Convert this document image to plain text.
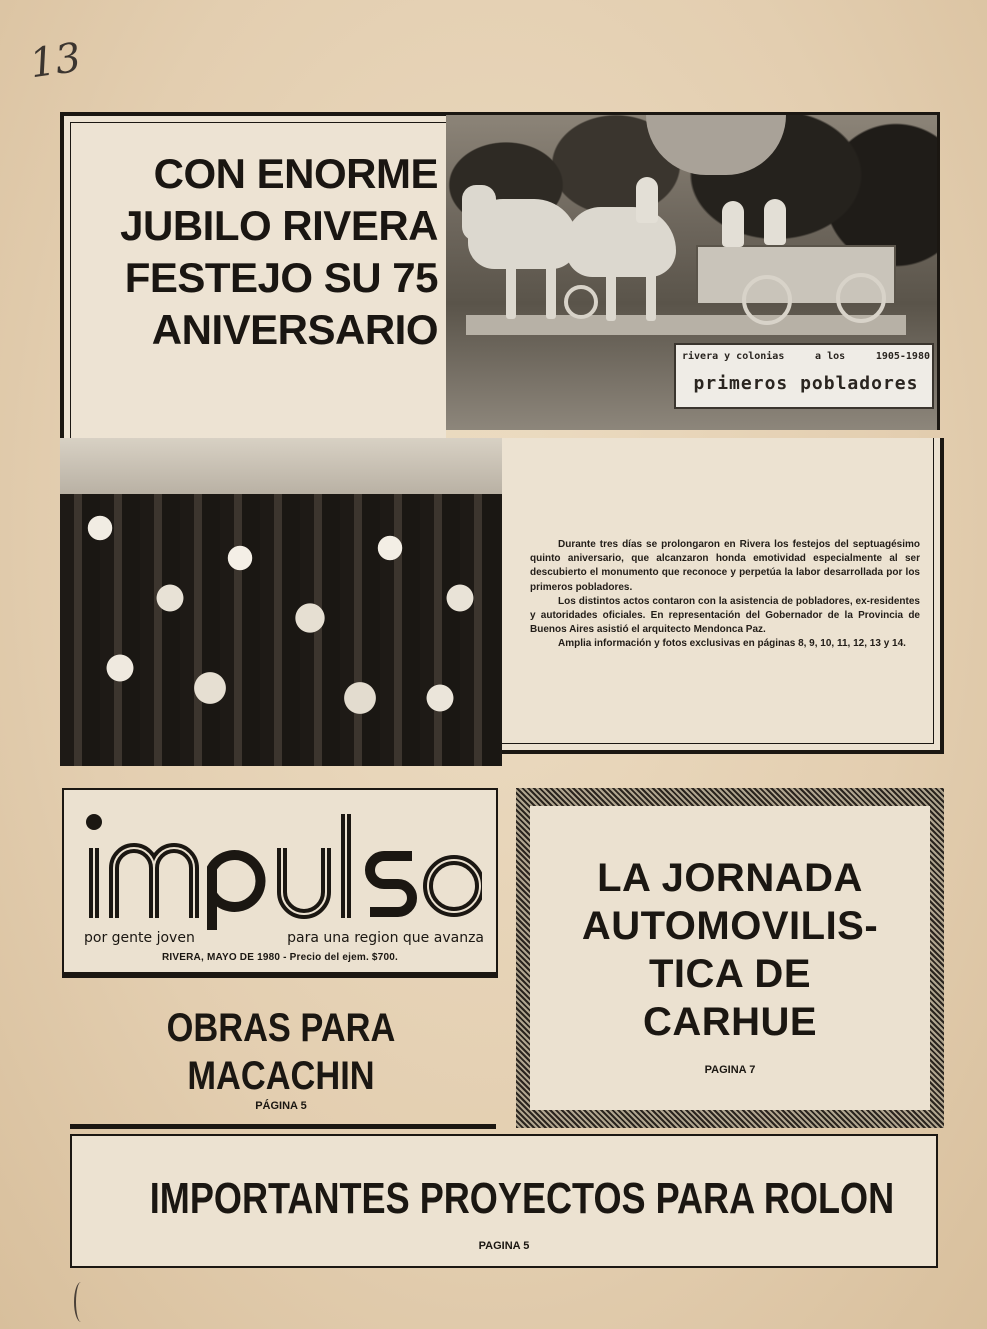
13
CON ENORME
JUBILO RIVERA
FESTEJO SU 75
ANIVERSARIO
rivera y colonias	a los	1905-1980
primeros pobladores

Durante tres días se prolongaron en Rivera los festejos del septuagésimo quinto aniversario, que alcanzaron honda emotividad especialmente al ser descubierto el monumento que reconoce y perpetúa la labor desarrollada por los primeros pobladores.

Los distintos actos contaron con la asistencia de pobladores, ex-residentes y autoridades oficiales. En representación del Gobernador de la Provincia de Buenos Aires asistió el arquitecto Mendonca Paz.

Amplia información y fotos exclusivas en páginas 8, 9, 10, 11, 12, 13 y 14.

por gente joven	para una region que avanza
RIVERA, MAYO DE 1980 - Precio del ejem. $700.
LA JORNADA
AUTOMOVILIS-
TICA DE
CARHUE
PAGINA 7
OBRAS PARA
MACACHIN
PÁGINA 5
IMPORTANTES PROYECTOS PARA ROLON
PAGINA 5
